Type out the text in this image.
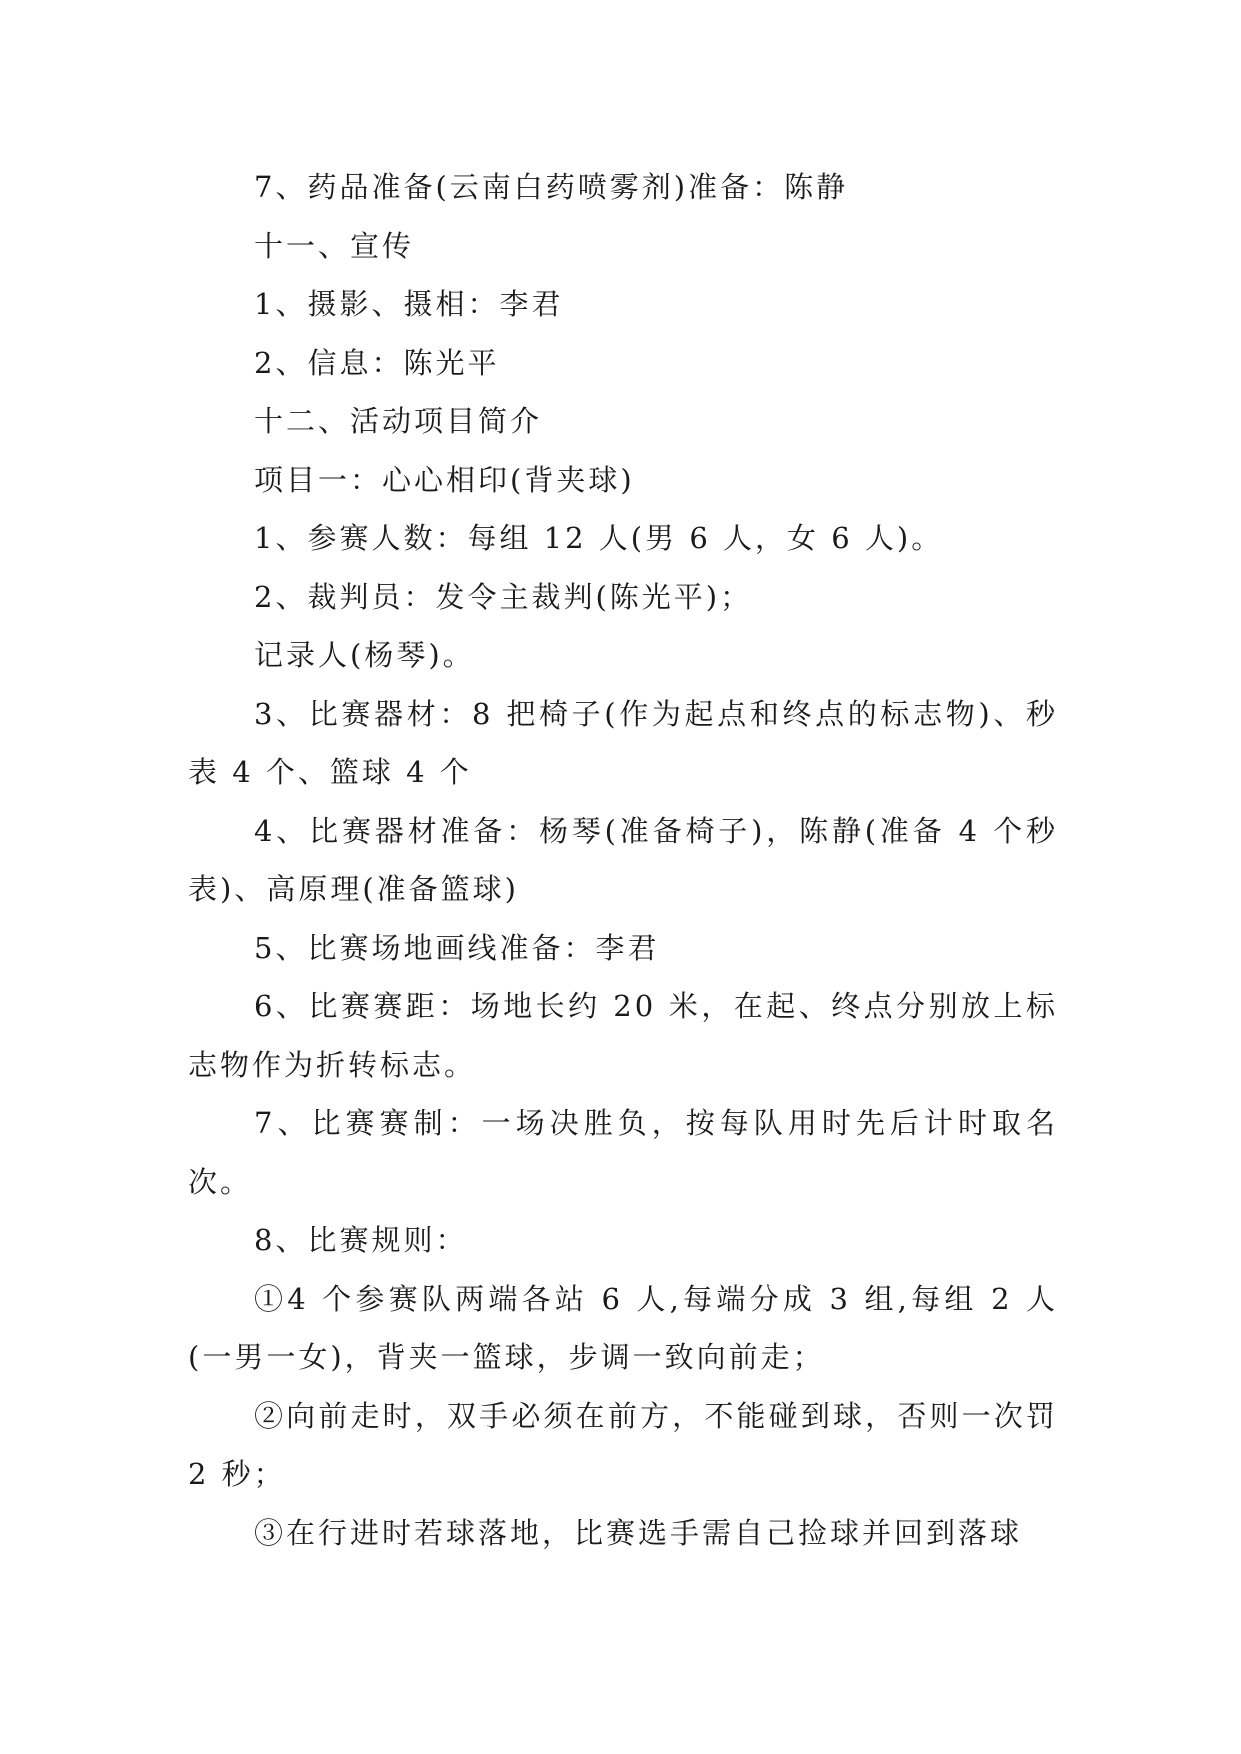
7、药品准备(云南白药喷雾剂)准备：陈静

十一、宣传

1、摄影、摄相：李君

2、信息：陈光平

十二、活动项目简介

项目一：心心相印(背夹球)

1、参赛人数：每组 12 人(男 6 人，女 6 人)。

2、裁判员：发令主裁判(陈光平)；

记录人(杨琴)。

3、比赛器材：8 把椅子(作为起点和终点的标志物)、秒表 4 个、篮球 4 个

4、比赛器材准备：杨琴(准备椅子)，陈静(准备 4 个秒表)、高原理(准备篮球)

5、比赛场地画线准备：李君

6、比赛赛距：场地长约 20 米，在起、终点分别放上标志物作为折转标志。

7、比赛赛制：一场决胜负，按每队用时先后计时取名次。

8、比赛规则：

①4 个参赛队两端各站 6 人,每端分成 3 组,每组 2 人(一男一女)，背夹一篮球，步调一致向前走；

②向前走时，双手必须在前方，不能碰到球，否则一次罚 2 秒；

③在行进时若球落地，比赛选手需自己捡球并回到落球
